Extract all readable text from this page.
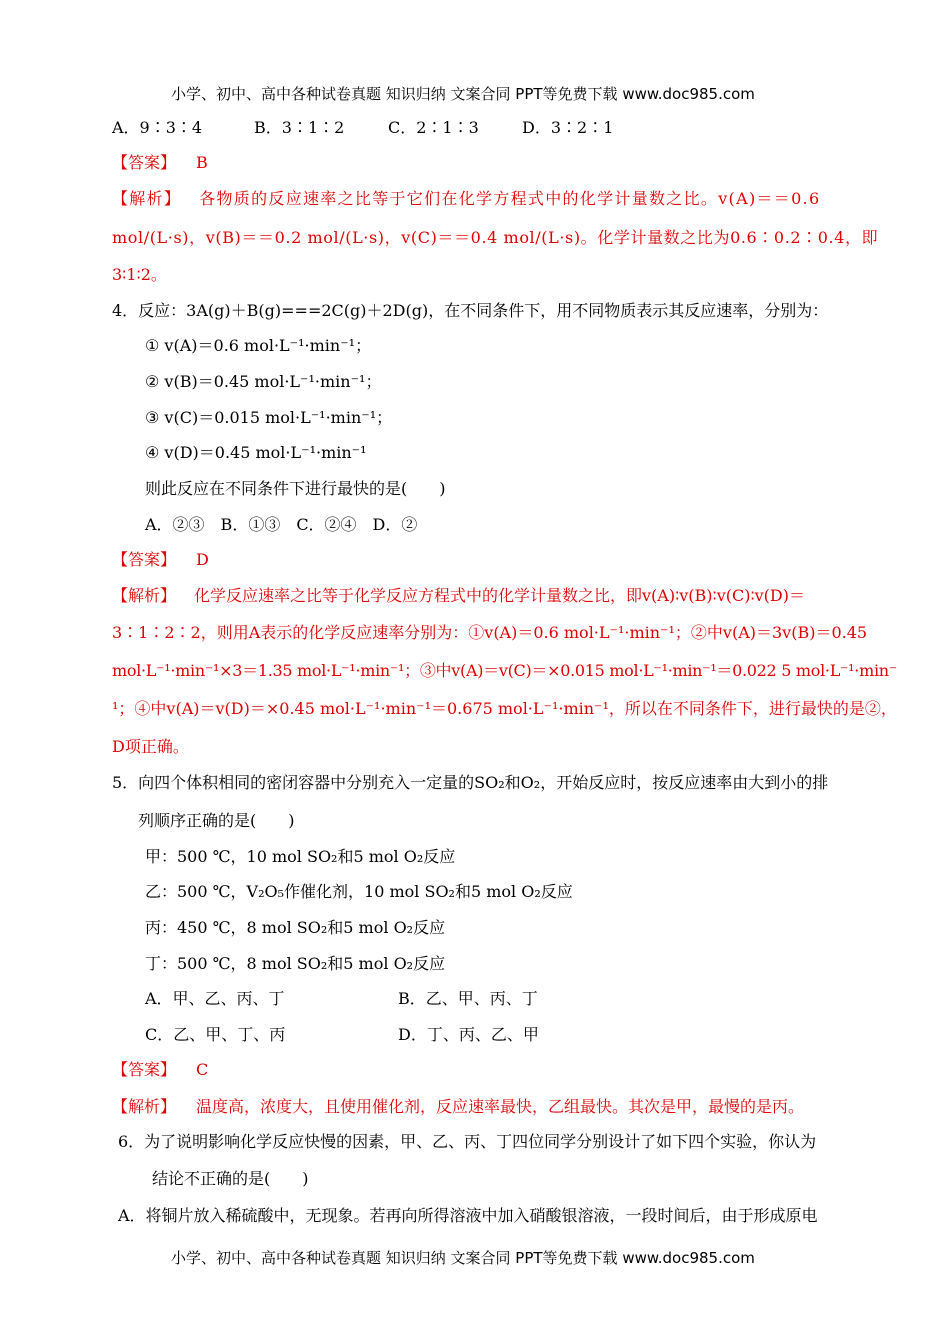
小学、初中、高中各种试卷真题 知识归纳 文案合同 PPT等免费下载 www.doc985.com
A．9∶3∶4	B．3∶1∶2	C．2∶1∶3	D．3∶2∶1
【答案】 B
【解析】 各物质的反应速率之比等于它们在化学方程式中的化学计量数之比。v(A)＝＝0.6
mol/(L·s)，v(B)＝＝0.2 mol/(L·s)，v(C)＝＝0.4 mol/(L·s)。化学计量数之比为0.6∶0.2∶0.4，即
3∶1∶2。
4．反应：3A(g)＋B(g)===2C(g)＋2D(g)，在不同条件下，用不同物质表示其反应速率，分别为：
① v(A)＝0.6 mol·L⁻¹·min⁻¹；
② v(B)＝0.45 mol·L⁻¹·min⁻¹；
③ v(C)＝0.015 mol·L⁻¹·min⁻¹；
④ v(D)＝0.45 mol·L⁻¹·min⁻¹
则此反应在不同条件下进行最快的是(　　)
A．②③　B．①③　C．②④　D．②
【答案】 D
【解析】 化学反应速率之比等于化学反应方程式中的化学计量数之比，即v(A)∶v(B)∶v(C)∶v(D)＝
3∶1∶2∶2，则用A表示的化学反应速率分别为：①v(A)＝0.6 mol·L⁻¹·min⁻¹；②中v(A)＝3v(B)＝0.45
mol·L⁻¹·min⁻¹×3＝1.35 mol·L⁻¹·min⁻¹；③中v(A)＝v(C)＝×0.015 mol·L⁻¹·min⁻¹＝0.022 5 mol·L⁻¹·min⁻
¹；④中v(A)＝v(D)＝×0.45 mol·L⁻¹·min⁻¹＝0.675 mol·L⁻¹·min⁻¹，所以在不同条件下，进行最快的是②，
D项正确。
5．向四个体积相同的密闭容器中分别充入一定量的SO₂和O₂，开始反应时，按反应速率由大到小的排
列顺序正确的是(　　)
甲：500 ℃，10 mol SO₂和5 mol O₂反应
乙：500 ℃，V₂O₅作催化剂，10 mol SO₂和5 mol O₂反应
丙：450 ℃，8 mol SO₂和5 mol O₂反应
丁：500 ℃，8 mol SO₂和5 mol O₂反应
A．甲、乙、丙、丁	B．乙、甲、丙、丁
C．乙、甲、丁、丙	D．丁、丙、乙、甲
【答案】 C
【解析】 温度高，浓度大，且使用催化剂，反应速率最快，乙组最快。其次是甲，最慢的是丙。
6．为了说明影响化学反应快慢的因素，甲、乙、丙、丁四位同学分别设计了如下四个实验，你认为
结论不正确的是(　　)
A．将铜片放入稀硫酸中，无现象。若再向所得溶液中加入硝酸银溶液，一段时间后，由于形成原电
小学、初中、高中各种试卷真题 知识归纳 文案合同 PPT等免费下载 www.doc985.com
